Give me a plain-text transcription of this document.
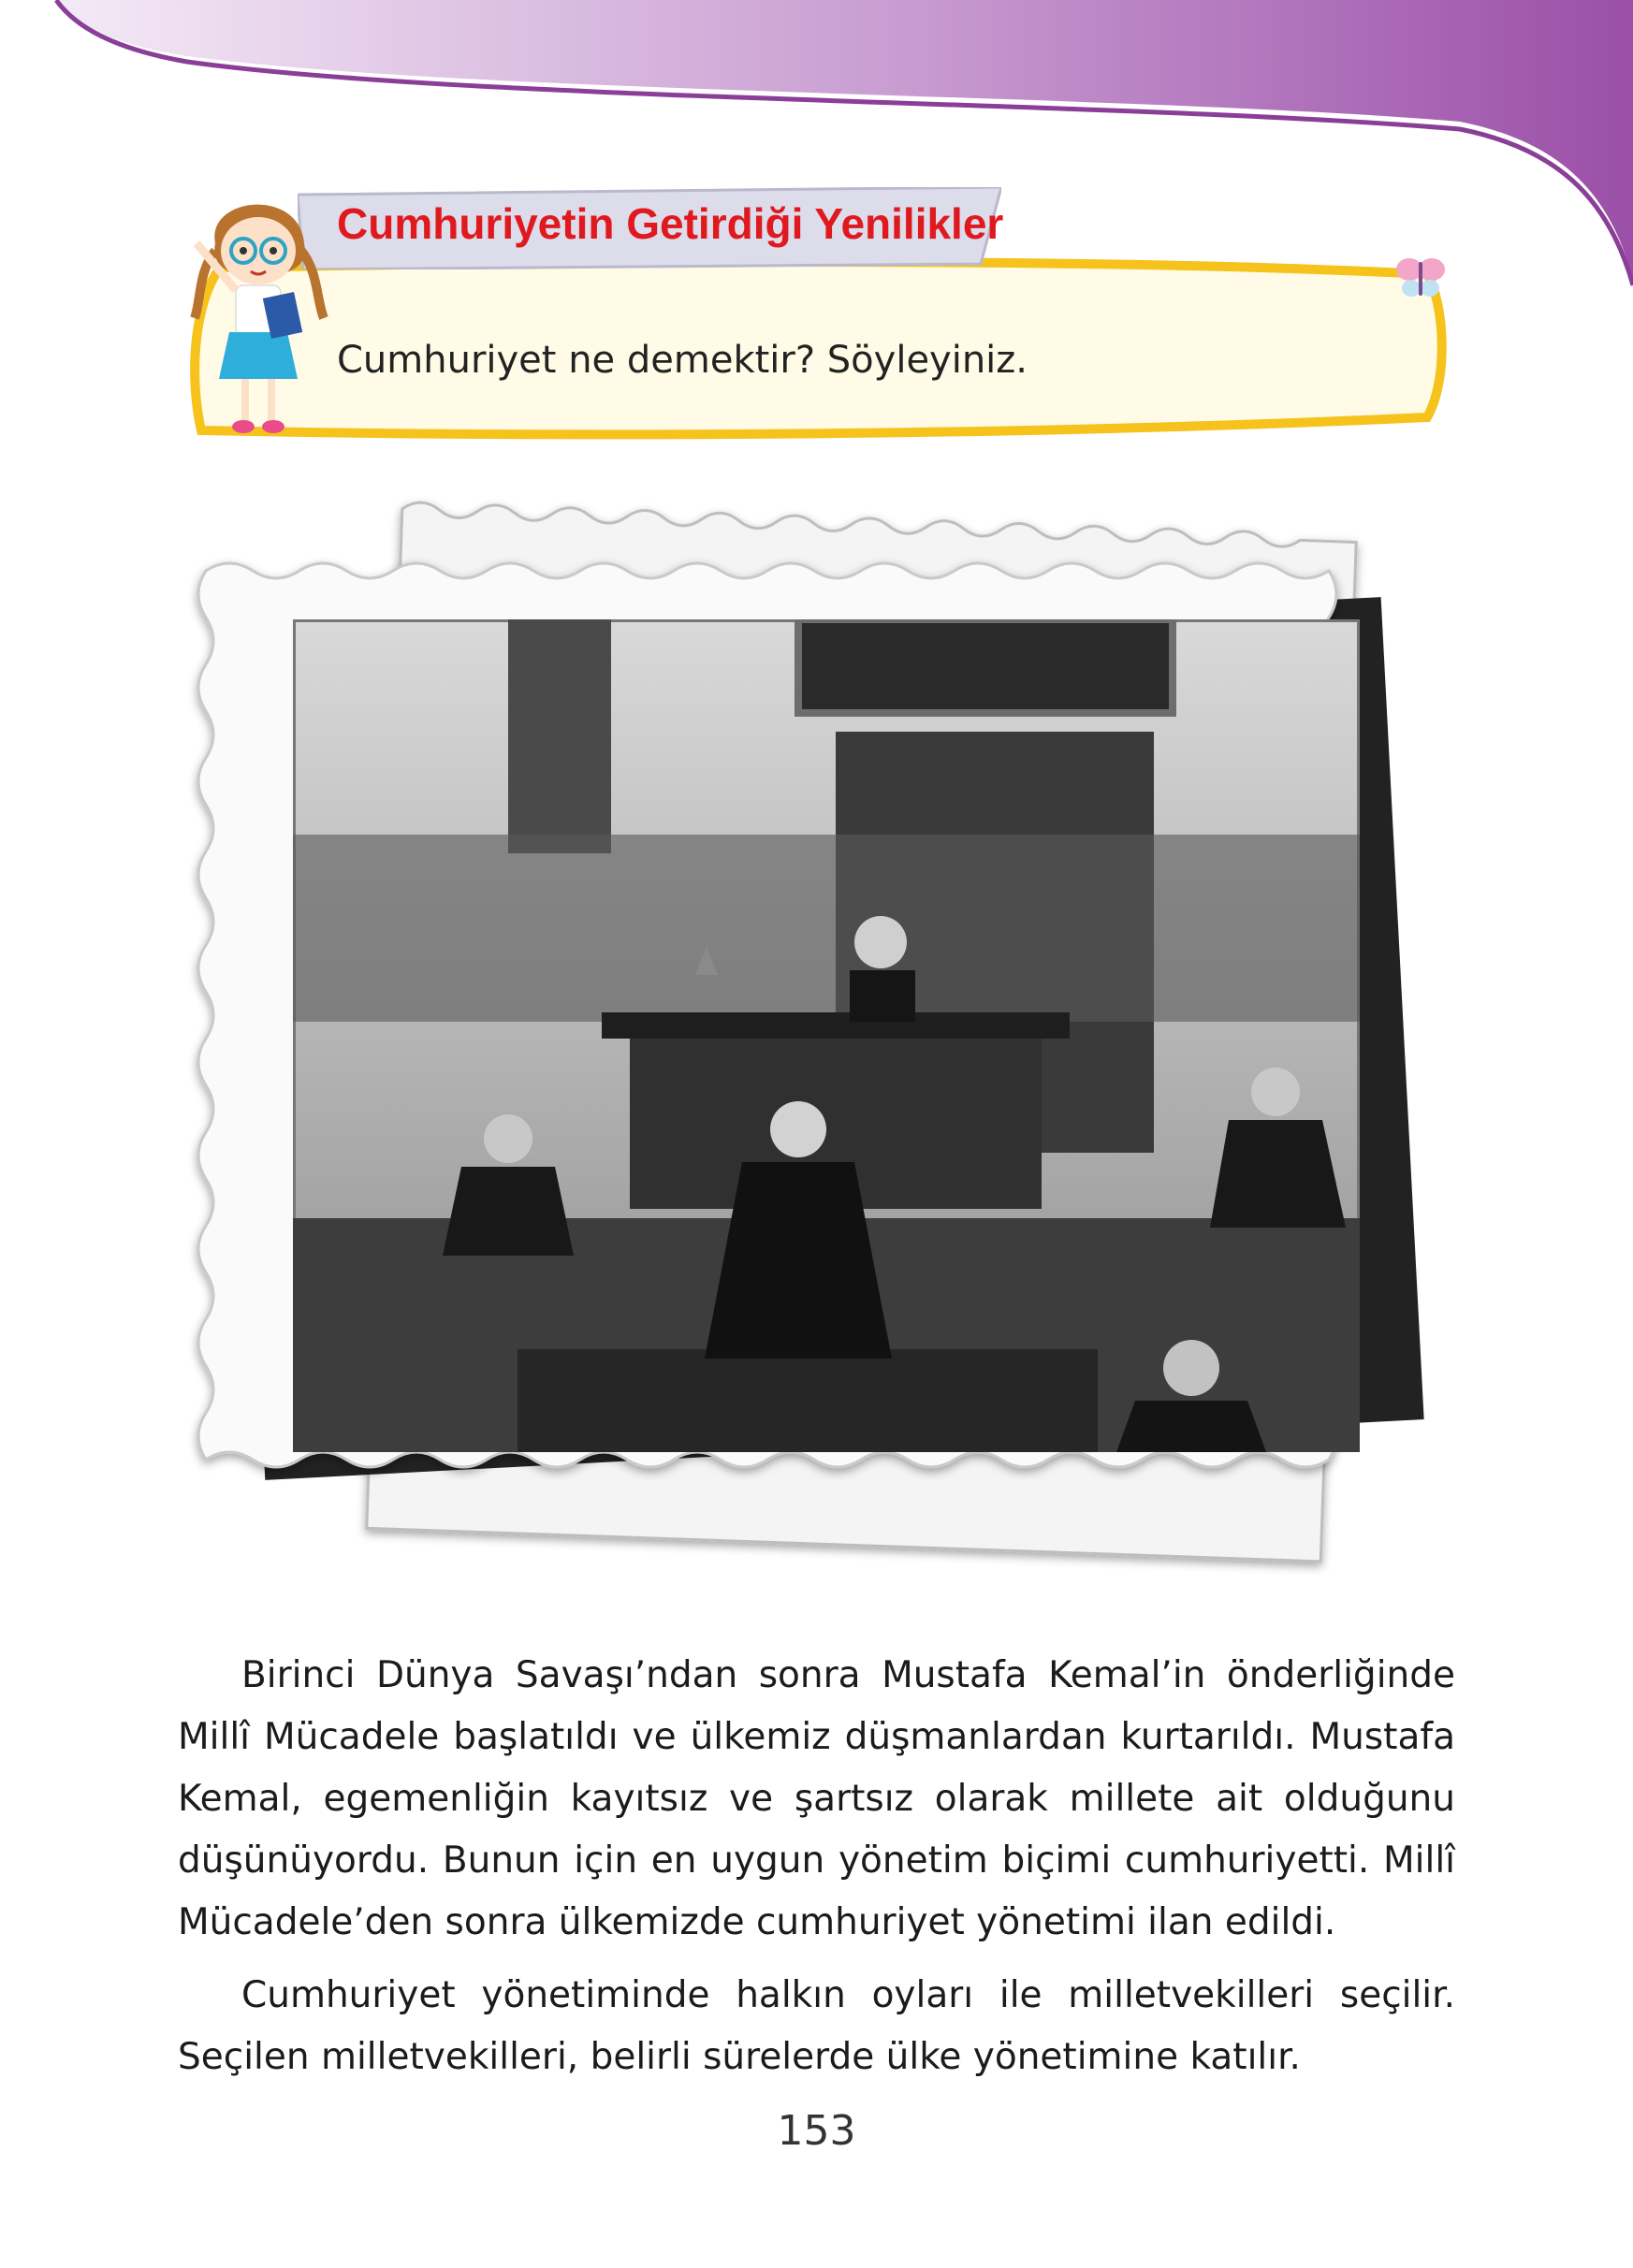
Cumhuriyetin Getirdiği Yenilikler
Cumhuriyet ne demektir? Söyleyiniz.
Birinci Dünya Savaşı’ndan sonra Mustafa Kemal’in önderliğinde Millî Mücadele başlatıldı ve ülkemiz düşmanlardan kurtarıldı. Mustafa Kemal, egemenliğin kayıtsız ve şartsız olarak millete ait olduğunu düşünüyordu. Bunun için en uygun yönetim biçimi cumhuriyetti. Millî Mücadele’den sonra ülkemizde cumhuriyet yönetimi ilan edildi.
Cumhuriyet yönetiminde halkın oyları ile milletvekilleri seçilir. Seçilen milletvekilleri, belirli sürelerde ülke yönetimine katılır.
153
